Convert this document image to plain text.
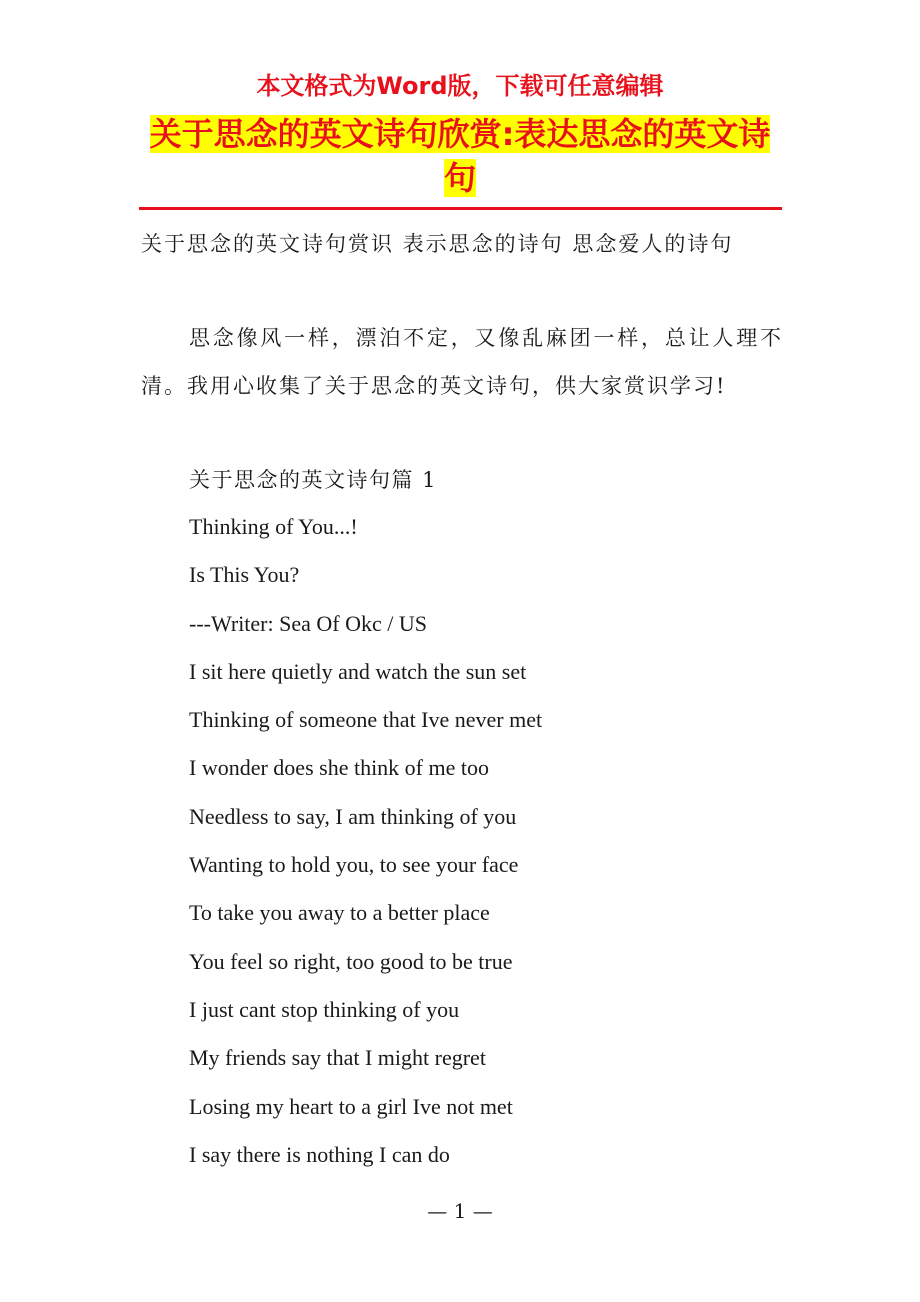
本文格式为Word版，下载可任意编辑
关于思念的英文诗句欣赏:表达思念的英文诗句
关于思念的英文诗句赏识 表示思念的诗句 思念爱人的诗句
思念像风一样，漂泊不定，又像乱麻团一样，总让人理不清。我用心收集了关于思念的英文诗句，供大家赏识学习!
关于思念的英文诗句篇 1
Thinking of You...!
Is This You?
---Writer: Sea Of Okc / US
I sit here quietly and watch the sun set
Thinking of someone that Ive never met
I wonder does she think of me too
Needless to say, I am thinking of you
Wanting to hold you, to see your face
To take you away to a better place
You feel so right, too good to be true
I just cant stop thinking of you
My friends say that I might regret
Losing my heart to a girl Ive not met
I say there is nothing I can do
— 1 —
